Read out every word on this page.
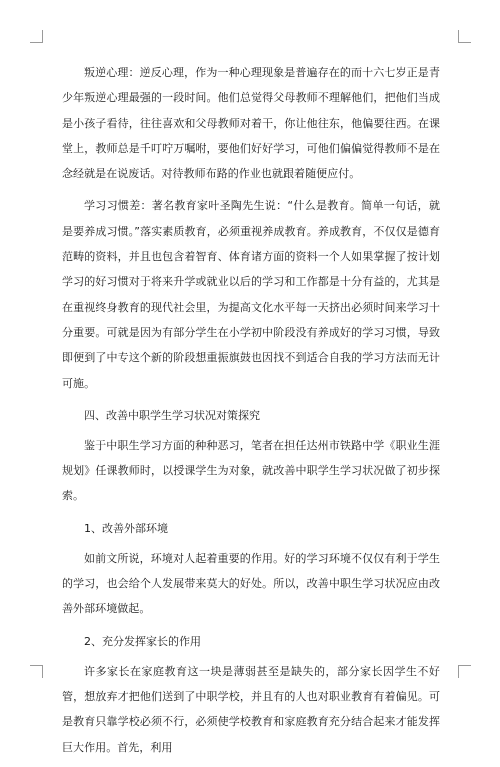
叛逆心理：逆反心理，作为一种心理现象是普遍存在的而十六七岁正是青少年叛逆心理最强的一段时间。他们总觉得父母教师不理解他们，把他们当成是小孩子看待，往往喜欢和父母教师对着干，你让他往东，他偏要往西。在课堂上，教师总是千叮咛万嘱咐，要他们好好学习，可他们偏偏觉得教师不是在念经就是在说废话。对待教师布路的作业也就跟着随便应付。

学习习惯差：著名教育家叶圣陶先生说：“什么是教育。简单一句话，就是要养成习惯。”落实素质教育，必须重视养成教育。养成教育，不仅仅是德育范畴的资料，并且也包含着智育、体育诸方面的资料一个人如果掌握了按计划学习的好习惯对于将来升学或就业以后的学习和工作都是十分有益的，尤其是在重视终身教育的现代社会里，为提高文化水平每一天挤出必须时间来学习十分重要。可就是因为有部分学生在小学初中阶段没有养成好的学习习惯，导致即便到了中专这个新的阶段想重振旗鼓也因找不到适合自我的学习方法而无计可施。

四、改善中职学生学习状况对策探究

鉴于中职生学习方面的种种恶习，笔者在担任达州市铁路中学《职业生涯规划》任课教师时，以授课学生为对象，就改善中职学生学习状况做了初步探索。

1、改善外部环境

如前文所说，环境对人起着重要的作用。好的学习环境不仅仅有利于学生的学习，也会给个人发展带来莫大的好处。所以，改善中职生学习状况应由改善外部环境做起。

2、充分发挥家长的作用

许多家长在家庭教育这一块是薄弱甚至是缺失的，部分家长因学生不好管，想放弃才把他们送到了中职学校，并且有的人也对职业教育有着偏见。可是教育只靠学校必须不行，必须使学校教育和家庭教育充分结合起来才能发挥巨大作用。首先，利用
